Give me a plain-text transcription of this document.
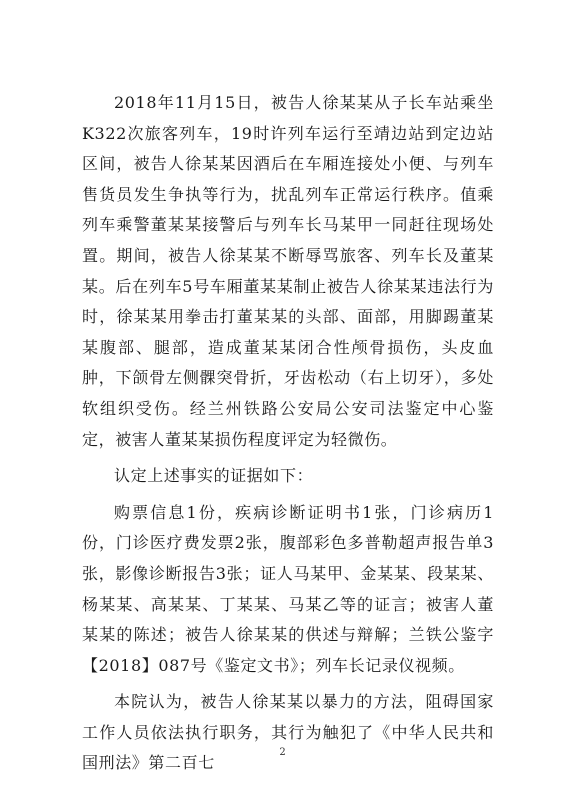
2018年11月15日，被告人徐某某从子长车站乘坐K322次旅客列车，19时许列车运行至靖边站到定边站区间，被告人徐某某因酒后在车厢连接处小便、与列车售货员发生争执等行为，扰乱列车正常运行秩序。值乘列车乘警董某某接警后与列车长马某甲一同赶往现场处置。期间，被告人徐某某不断辱骂旅客、列车长及董某某。后在列车5号车厢董某某制止被告人徐某某违法行为时，徐某某用拳击打董某某的头部、面部，用脚踢董某某腹部、腿部，造成董某某闭合性颅骨损伤，头皮血肿，下颌骨左侧髁突骨折，牙齿松动（右上切牙），多处软组织受伤。经兰州铁路公安局公安司法鉴定中心鉴定，被害人董某某损伤程度评定为轻微伤。

认定上述事实的证据如下：

购票信息1份，疾病诊断证明书1张，门诊病历1份，门诊医疗费发票2张，腹部彩色多普勒超声报告单3张，影像诊断报告3张；证人马某甲、金某某、段某某、杨某某、高某某、丁某某、马某乙等的证言；被害人董某某的陈述；被告人徐某某的供述与辩解；兰铁公鉴字【2018】087号《鉴定文书》；列车长记录仪视频。

本院认为，被告人徐某某以暴力的方法，阻碍国家工作人员依法执行职务，其行为触犯了《中华人民共和国刑法》第二百七

2
